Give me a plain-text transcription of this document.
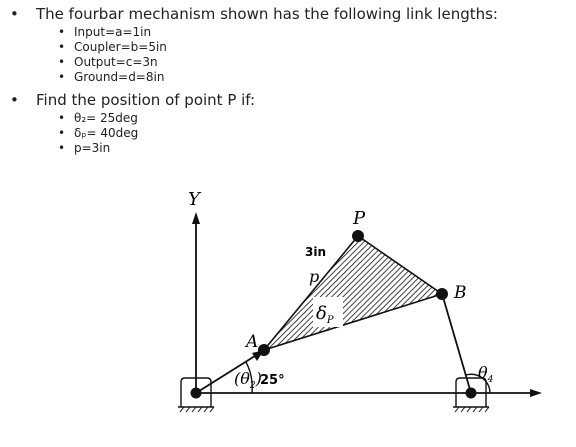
• The fourbar mechanism shown has the following link lengths:

• Input=a=1in
• Coupler=b=5in
• Output=c=3n
• Ground=d=8in

• Find the position of point P if:

• θ₂= 25deg
• δₚ= 40deg
• p=3in
Y
P
A
B
p
3in
$\delta_P$
$(\theta_2)$
25°	$\theta_4$
